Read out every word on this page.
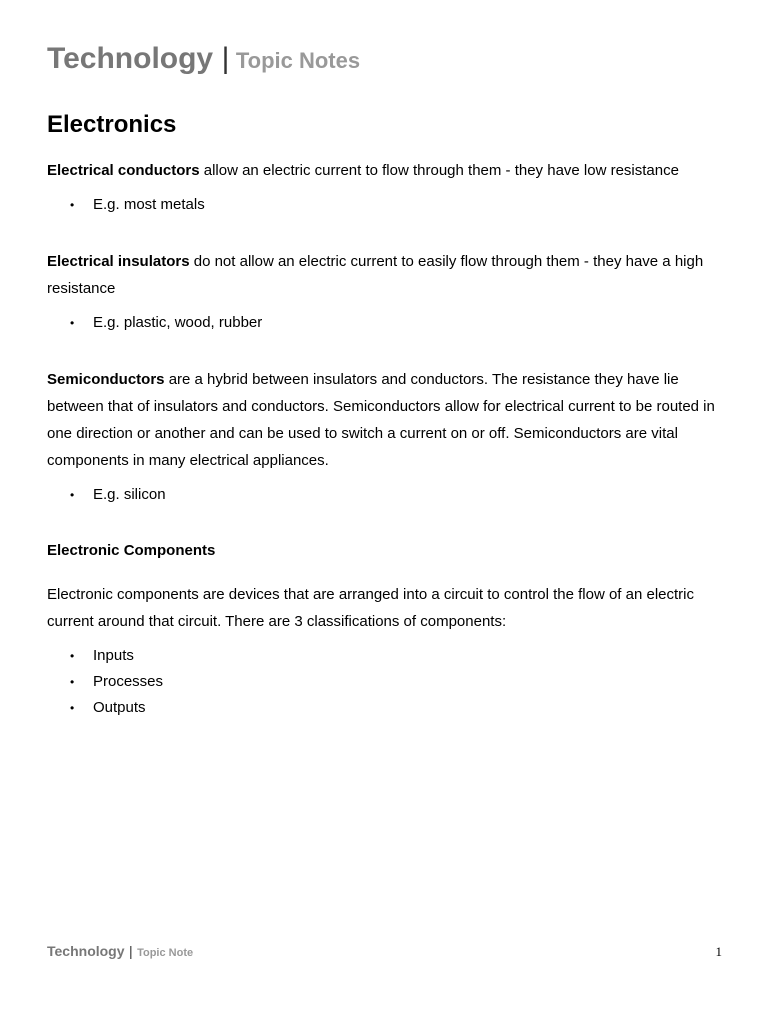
Technology | Topic Notes
Electronics

Electrical conductors allow an electric current to flow through them - they have low resistance

• E.g. most metals

Electrical insulators do not allow an electric current to easily flow through them - they have a high resistance

• E.g. plastic, wood, rubber

Semiconductors are a hybrid between insulators and conductors. The resistance they have lie between that of insulators and conductors. Semiconductors allow for electrical current to be routed in one direction or another and can be used to switch a current on or off. Semiconductors are vital components in many electrical appliances.

• E.g. silicon
Electronic Components

Electronic components are devices that are arranged into a circuit to control the flow of an electric current around that circuit. There are 3 classifications of components:

• Inputs
• Processes
• Outputs
Technology | Topic Note	1
